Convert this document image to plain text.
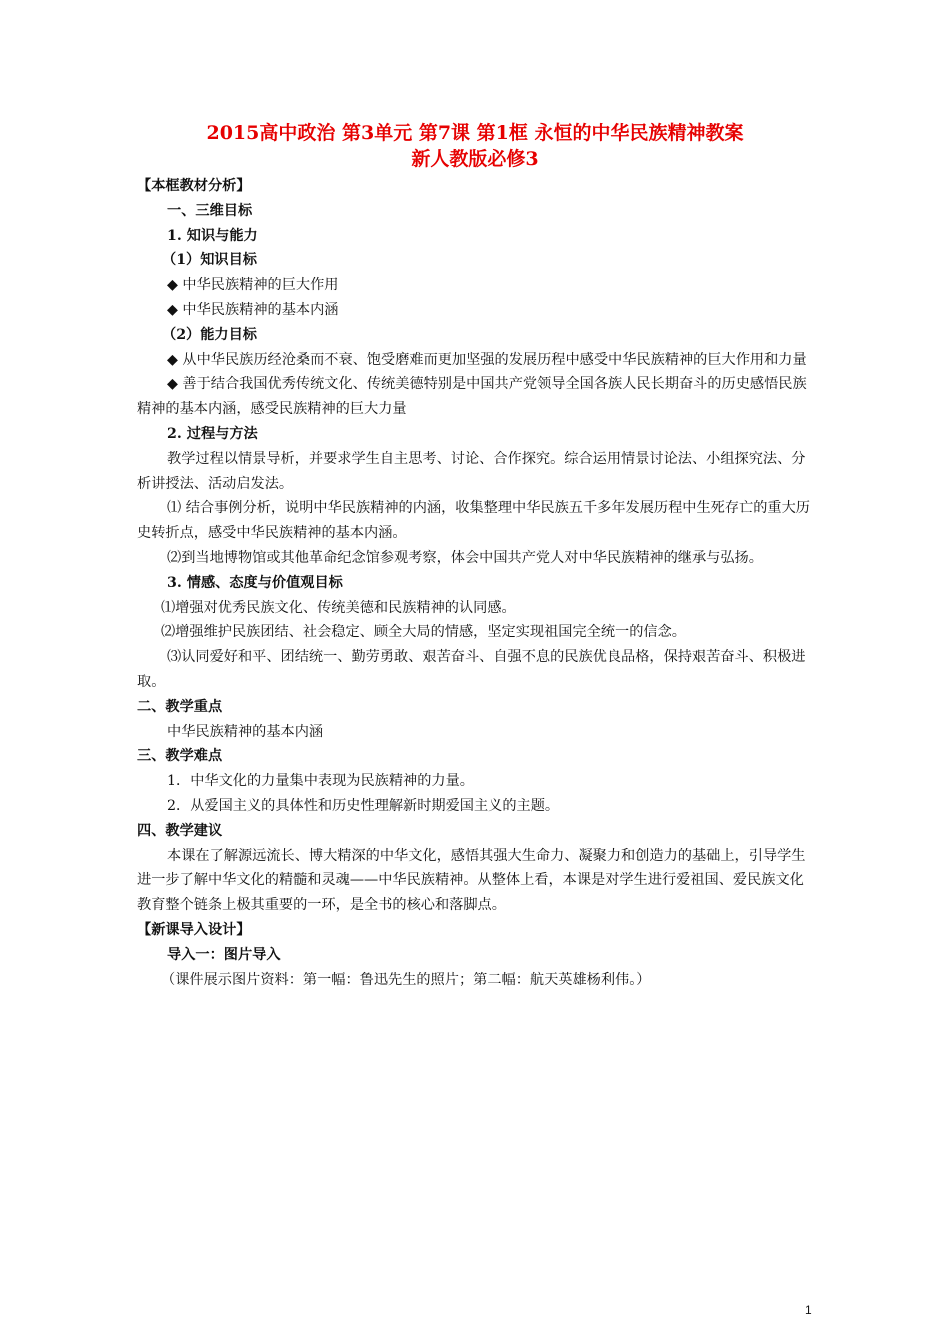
2015高中政治 第3单元 第7课 第1框 永恒的中华民族精神教案
新人教版必修3

【本框教材分析】

一、三维目标

1. 知识与能力

（1）知识目标

◆ 中华民族精神的巨大作用

◆ 中华民族精神的基本内涵

（2）能力目标

◆ 从中华民族历经沧桑而不衰、饱受磨难而更加坚强的发展历程中感受中华民族精神的巨大作用和力量

◆ 善于结合我国优秀传统文化、传统美德特别是中国共产党领导全国各族人民长期奋斗的历史感悟民族精神的基本内涵，感受民族精神的巨大力量

2. 过程与方法

教学过程以情景导析，并要求学生自主思考、讨论、合作探究。综合运用情景讨论法、小组探究法、分析讲授法、活动启发法。

⑴ 结合事例分析，说明中华民族精神的内涵，收集整理中华民族五千多年发展历程中生死存亡的重大历史转折点，感受中华民族精神的基本内涵。

⑵到当地博物馆或其他革命纪念馆参观考察，体会中国共产党人对中华民族精神的继承与弘扬。

3. 情感、态度与价值观目标

⑴增强对优秀民族文化、传统美德和民族精神的认同感。

⑵增强维护民族团结、社会稳定、顾全大局的情感，坚定实现祖国完全统一的信念。

⑶认同爱好和平、团结统一、勤劳勇敢、艰苦奋斗、自强不息的民族优良品格，保持艰苦奋斗、积极进取。

二、教学重点

中华民族精神的基本内涵

三、教学难点

1．中华文化的力量集中表现为民族精神的力量。

2．从爱国主义的具体性和历史性理解新时期爱国主义的主题。

四、教学建议

本课在了解源远流长、博大精深的中华文化，感悟其强大生命力、凝聚力和创造力的基础上，引导学生进一步了解中华文化的精髓和灵魂——中华民族精神。从整体上看，本课是对学生进行爱祖国、爱民族文化教育整个链条上极其重要的一环，是全书的核心和落脚点。

【新课导入设计】

导入一：图片导入

（课件展示图片资料：第一幅：鲁迅先生的照片；第二幅：航天英雄杨利伟。）

1
